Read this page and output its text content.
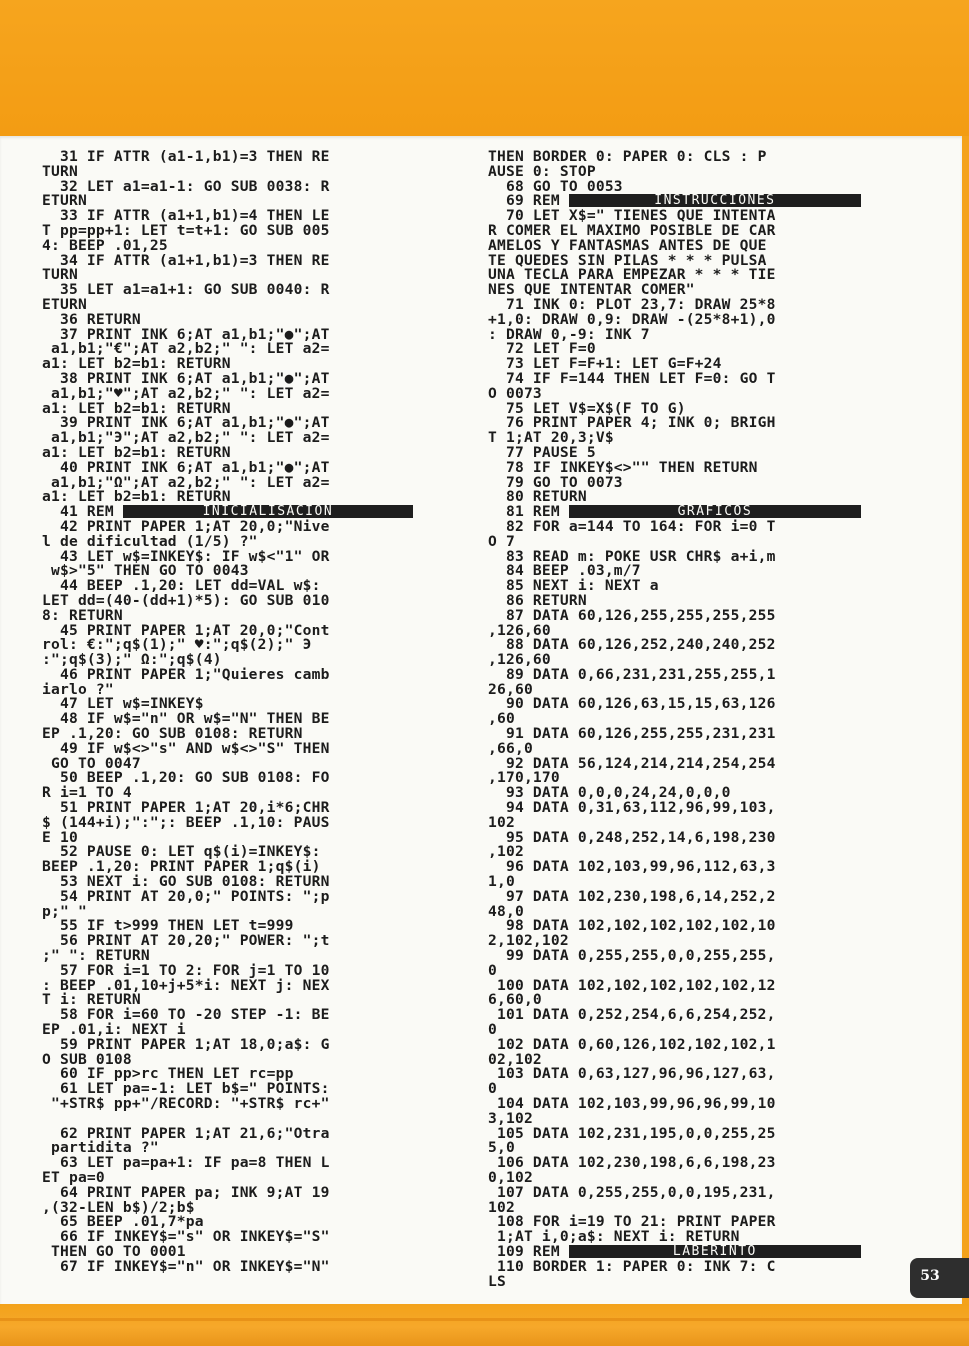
31 IF ATTR (a1-1,b1)=3 THEN RE
TURN
32 LET a1=a1-1: GO SUB 0038: R
ETURN
33 IF ATTR (a1+1,b1)=4 THEN LE
T pp=pp+1: LET t=t+1: GO SUB 005
4: BEEP .01,25
34 IF ATTR (a1+1,b1)=3 THEN RE
TURN
35 LET a1=a1+1: GO SUB 0040: R
ETURN
36 RETURN
37 PRINT INK 6;AT a1,b1;"●";AT
a1,b1;"€";AT a2,b2;" ": LET a2=
a1: LET b2=b1: RETURN
38 PRINT INK 6;AT a1,b1;"●";AT
a1,b1;"♥";AT a2,b2;" ": LET a2=
a1: LET b2=b1: RETURN
39 PRINT INK 6;AT a1,b1;"●";AT
a1,b1;"Э";AT a2,b2;" ": LET a2=
a1: LET b2=b1: RETURN
40 PRINT INK 6;AT a1,b1;"●";AT
a1,b1;"Ω";AT a2,b2;" ": LET a2=
a1: LET b2=b1: RETURN
41 REM	INICIALISACION
42 PRINT PAPER 1;AT 20,0;"Nive
l de dificultad (1/5) ?"
43 LET w$=INKEY$: IF w$<"1" OR
w$>"5" THEN GO TO 0043
44 BEEP .1,20: LET dd=VAL w$:
LET dd=(40-(dd+1)*5): GO SUB 010
8: RETURN
45 PRINT PAPER 1;AT 20,0;"Cont
rol: €:";q$(1);" ♥:";q$(2);" Э
:";q$(3);" Ω:";q$(4)
46 PRINT PAPER 1;"Quieres camb
iarlo ?"
47 LET w$=INKEY$
48 IF w$="n" OR w$="N" THEN BE
EP .1,20: GO SUB 0108: RETURN
49 IF w$<>"s" AND w$<>"S" THEN
GO TO 0047
50 BEEP .1,20: GO SUB 0108: FO
R i=1 TO 4
51 PRINT PAPER 1;AT 20,i*6;CHR
$ (144+i);":";: BEEP .1,10: PAUS
E 10
52 PAUSE 0: LET q$(i)=INKEY$:
BEEP .1,20: PRINT PAPER 1;q$(i)
53 NEXT i: GO SUB 0108: RETURN
54 PRINT AT 20,0;" POINTS: ";p
p;" "
55 IF t>999 THEN LET t=999
56 PRINT AT 20,20;" POWER: ";t
;" ": RETURN
57 FOR i=1 TO 2: FOR j=1 TO 10
: BEEP .01,10+j+5*i: NEXT j: NEX
T i: RETURN
58 FOR i=60 TO -20 STEP -1: BE
EP .01,i: NEXT i
59 PRINT PAPER 1;AT 18,0;a$: G
O SUB 0108
60 IF pp>rc THEN LET rc=pp
61 LET pa=-1: LET b$=" POINTS:
"+STR$ pp+"/RECORD: "+STR$ rc+"
62 PRINT PAPER 1;AT 21,6;"Otra
partidita ?"
63 LET pa=pa+1: IF pa=8 THEN L
ET pa=0
64 PRINT PAPER pa; INK 9;AT 19
,(32-LEN b$)/2;b$
65 BEEP .01,7*pa
66 IF INKEY$="s" OR INKEY$="S"
THEN GO TO 0001
67 IF INKEY$="n" OR INKEY$="N"
THEN BORDER 0: PAPER 0: CLS : P
AUSE 0: STOP
68 GO TO 0053
69 REM	INSTRUCCIONES
70 LET X$=" TIENES QUE INTENTA
R COMER EL MAXIMO POSIBLE DE CAR
AMELOS Y FANTASMAS ANTES DE QUE
TE QUEDES SIN PILAS * * * PULSA
UNA TECLA PARA EMPEZAR * * * TIE
NES QUE INTENTAR COMER"
71 INK 0: PLOT 23,7: DRAW 25*8
+1,0: DRAW 0,9: DRAW -(25*8+1),0
: DRAW 0,-9: INK 7
72 LET F=0
73 LET F=F+1: LET G=F+24
74 IF F=144 THEN LET F=0: GO T
O 0073
75 LET V$=X$(F TO G)
76 PRINT PAPER 4; INK 0; BRIGH
T 1;AT 20,3;V$
77 PAUSE 5
78 IF INKEY$<>"" THEN RETURN
79 GO TO 0073
80 RETURN
81 REM	GRAFICOS
82 FOR a=144 TO 164: FOR i=0 T
O 7
83 READ m: POKE USR CHR$ a+i,m
84 BEEP .03,m/7
85 NEXT i: NEXT a
86 RETURN
87 DATA 60,126,255,255,255,255
,126,60
88 DATA 60,126,252,240,240,252
,126,60
89 DATA 0,66,231,231,255,255,1
26,60
90 DATA 60,126,63,15,15,63,126
,60
91 DATA 60,126,255,255,231,231
,66,0
92 DATA 56,124,214,214,254,254
,170,170
93 DATA 0,0,0,24,24,0,0,0
94 DATA 0,31,63,112,96,99,103,
102
95 DATA 0,248,252,14,6,198,230
,102
96 DATA 102,103,99,96,112,63,3
1,0
97 DATA 102,230,198,6,14,252,2
48,0
98 DATA 102,102,102,102,102,10
2,102,102
99 DATA 0,255,255,0,0,255,255,
0
100 DATA 102,102,102,102,102,12
6,60,0
101 DATA 0,252,254,6,6,254,252,
0
102 DATA 0,60,126,102,102,102,1
02,102
103 DATA 0,63,127,96,96,127,63,
0
104 DATA 102,103,99,96,96,99,10
3,102
105 DATA 102,231,195,0,0,255,25
5,0
106 DATA 102,230,198,6,6,198,23
0,102
107 DATA 0,255,255,0,0,195,231,
102
108 FOR i=19 TO 21: PRINT PAPER
1;AT i,0;a$: NEXT i: RETURN
109 REM	LABERINTO
110 BORDER 1: PAPER 0: INK 7: C
LS	53
